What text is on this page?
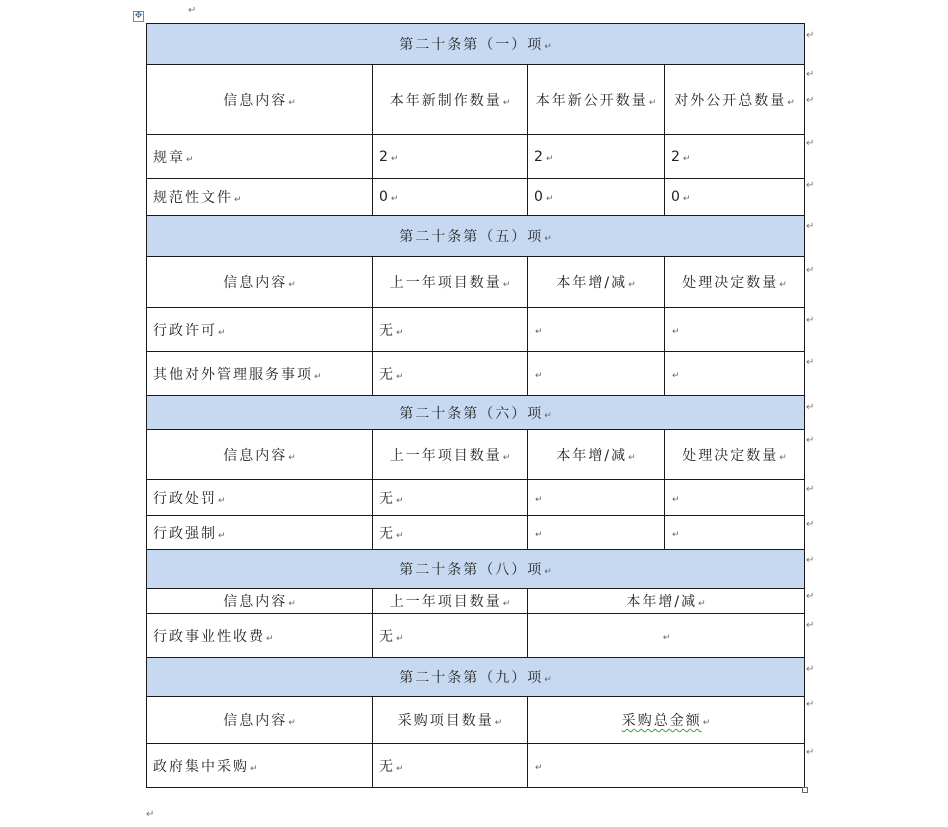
✥	↵
第二十条第（一）项↵			
信息内容↵	本年新制作数量↵	本年新公开数量↵	对外公开总数量↵
规章↵	2↵	2↵	2↵
规范性文件↵	0↵	0↵	0↵
第二十条第（五）项↵			
信息内容↵	上一年项目数量↵	本年增/减↵	处理决定数量↵
行政许可↵	无↵	↵	↵
其他对外管理服务事项↵	无↵	↵	↵
第二十条第（六）项↵			
信息内容↵	上一年项目数量↵	本年增/减↵	处理决定数量↵
行政处罚↵	无↵	↵	↵
行政强制↵	无↵	↵	↵
第二十条第（八）项↵			
信息内容↵	上一年项目数量↵	本年增/减↵	
行政事业性收费↵	无↵	↵	
第二十条第（九）项↵			
信息内容↵	采购项目数量↵	采购总金额↵	
政府集中采购↵	无↵	↵	
↵
↵
↵
↵
↵
↵
↵
↵
↵
↵
↵
↵
↵
↵
↵
↵
↵
↵
↵
↵
